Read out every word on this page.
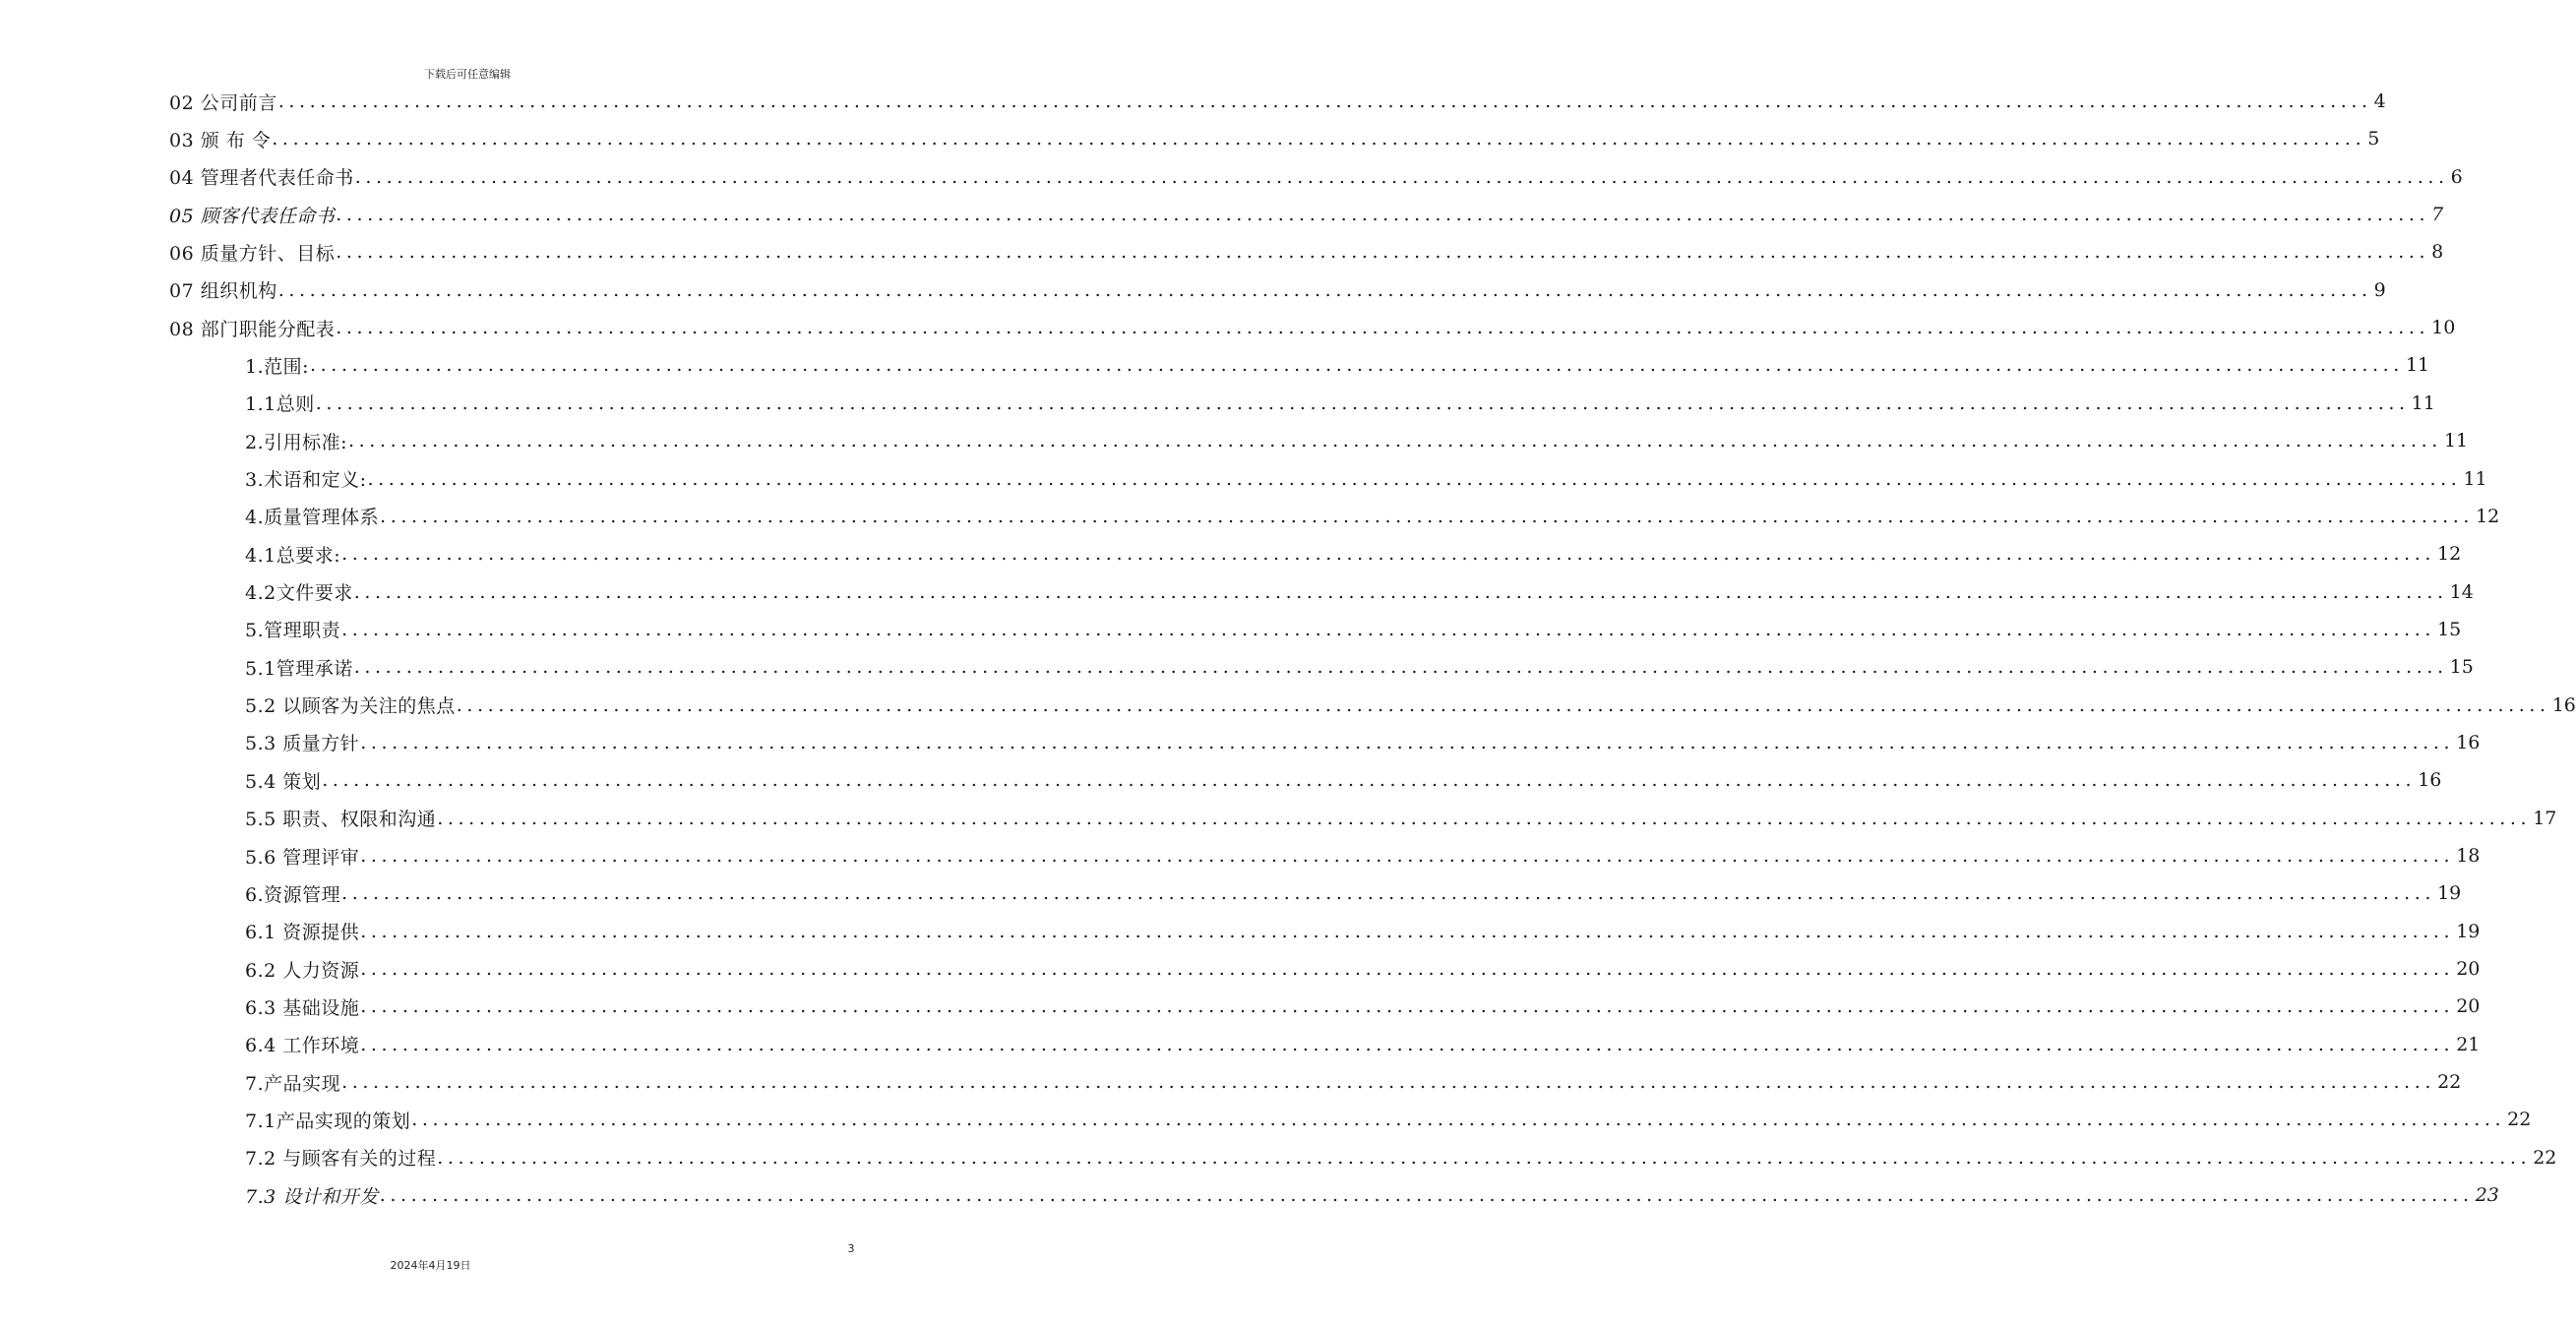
下载后可任意编辑
02 公司前言 ........................................................................................................................................................................................................ 4
03 颁 布 令 ........................................................................................................................................................................................................ 5
04 管理者代表任命书 ........................................................................................................................................................................................................ 6
05 顾客代表任命书 ........................................................................................................................................................................................................ 7
06 质量方针、目标 ........................................................................................................................................................................................................ 8
07 组织机构 ........................................................................................................................................................................................................ 9
08 部门职能分配表 ........................................................................................................................................................................................................ 10
1.范围: ........................................................................................................................................................................................................ 11
1.1总则 ........................................................................................................................................................................................................ 11
2.引用标准: ........................................................................................................................................................................................................ 11
3.术语和定义: ........................................................................................................................................................................................................ 11
4.质量管理体系 ........................................................................................................................................................................................................ 12
4.1总要求: ........................................................................................................................................................................................................ 12
4.2文件要求 ........................................................................................................................................................................................................ 14
5.管理职责 ........................................................................................................................................................................................................ 15
5.1管理承诺 ........................................................................................................................................................................................................ 15
5.2 以顾客为关注的焦点 ........................................................................................................................................................................................................ 16
5.3 质量方针 ........................................................................................................................................................................................................ 16
5.4 策划 ........................................................................................................................................................................................................ 16
5.5 职责、权限和沟通 ........................................................................................................................................................................................................ 17
5.6 管理评审 ........................................................................................................................................................................................................ 18
6.资源管理 ........................................................................................................................................................................................................ 19
6.1 资源提供 ........................................................................................................................................................................................................ 19
6.2 人力资源 ........................................................................................................................................................................................................ 20
6.3 基础设施 ........................................................................................................................................................................................................ 20
6.4 工作环境 ........................................................................................................................................................................................................ 21
7.产品实现 ........................................................................................................................................................................................................ 22
7.1产品实现的策划 ........................................................................................................................................................................................................ 22
7.2 与顾客有关的过程 ........................................................................................................................................................................................................ 22
7.3 设计和开发 ........................................................................................................................................................................................................ 23
3
2024年4月19日
